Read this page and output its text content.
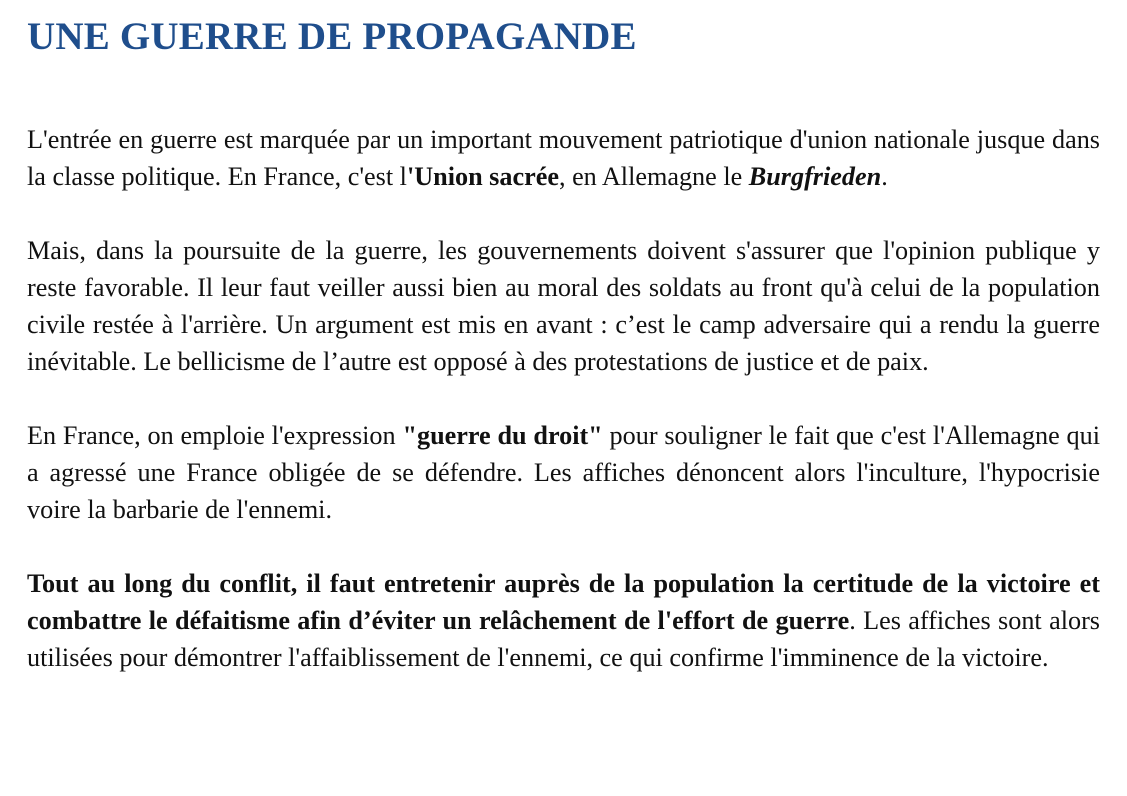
UNE GUERRE DE PROPAGANDE

L'entrée en guerre est marquée par un important mouvement patriotique d'union nationale jusque dans la classe politique. En France, c'est l'Union sacrée, en Allemagne le Burgfrieden.

Mais, dans la poursuite de la guerre, les gouvernements doivent s'assurer que l'opinion publique y reste favorable. Il leur faut veiller aussi bien au moral des soldats au front qu'à celui de la population civile restée à l'arrière. Un argument est mis en avant : c’est le camp adversaire qui a rendu la guerre inévitable. Le bellicisme de l’autre est opposé à des protestations de justice et de paix.

En France, on emploie l'expression "guerre du droit" pour souligner le fait que c'est l'Allemagne qui a agressé une France obligée de se défendre. Les affiches dénoncent alors l'inculture, l'hypocrisie voire la barbarie de l'ennemi.

Tout au long du conflit, il faut entretenir auprès de la population la certitude de la victoire et combattre le défaitisme afin d’éviter un relâchement de l'effort de guerre. Les affiches sont alors utilisées pour démontrer l'affaiblissement de l'ennemi, ce qui confirme l'imminence de la victoire.
